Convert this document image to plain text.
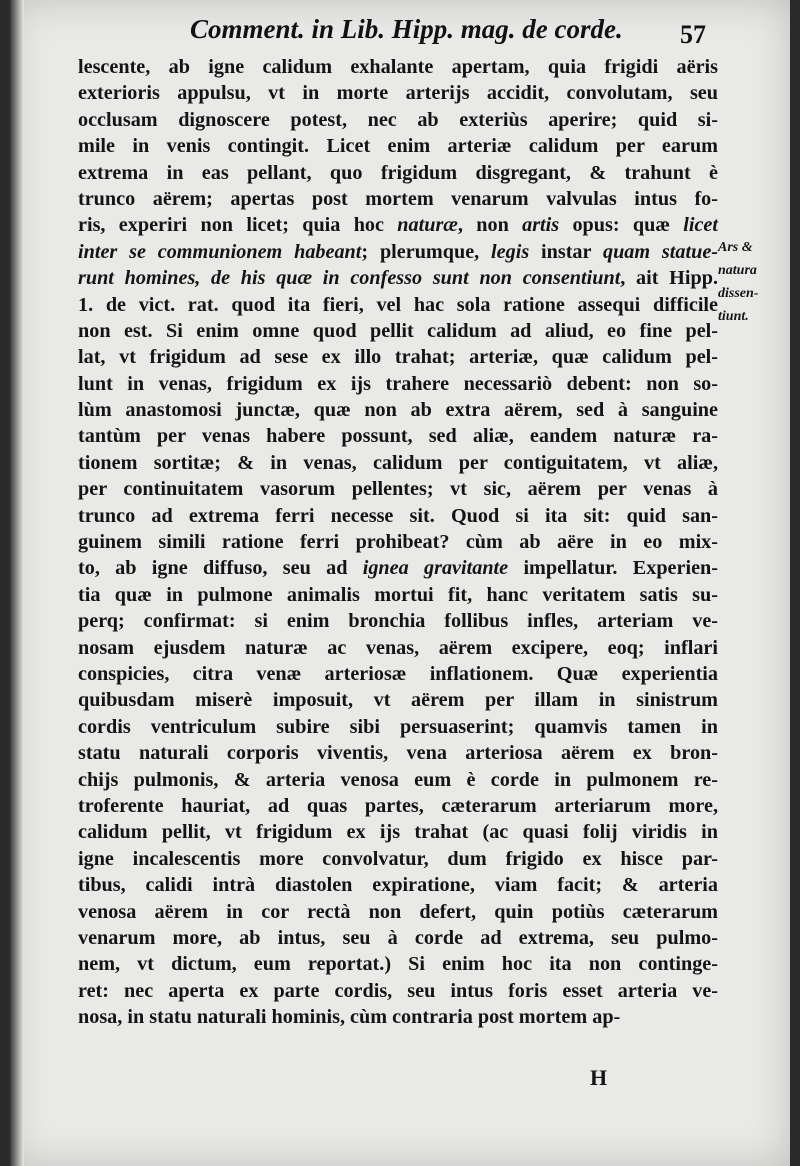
Comment. in Lib. Hipp. mag. de corde.	57
lescente, ab igne calidum exhalante apertam, quia frigidi aëris
exterioris appulsu, vt in morte arterijs accidit, convolutam, seu
occlusam dignoscere potest, nec ab exteriùs aperire; quid si-
mile in venis contingit. Licet enim arteriæ calidum per earum
extrema in eas pellant, quo frigidum disgregant, & trahunt è
trunco aërem; apertas post mortem venarum valvulas intus fo-
ris, experiri non licet; quia hoc naturæ, non artis opus: quæ licet
inter se communionem habeant; plerumque, legis instar quam statue-
runt homines, de his quæ in confesso sunt non consentiunt, ait Hipp.
1. de vict. rat. quod ita fieri, vel hac sola ratione assequi difficile
non est. Si enim omne quod pellit calidum ad aliud, eo fine pel-
lat, vt frigidum ad sese ex illo trahat; arteriæ, quæ calidum pel-
lunt in venas, frigidum ex ijs trahere necessariò debent: non so-
lùm anastomosi junctæ, quæ non ab extra aërem, sed à sanguine
tantùm per venas habere possunt, sed aliæ, eandem naturæ ra-
tionem sortitæ; & in venas, calidum per contiguitatem, vt aliæ,
per continuitatem vasorum pellentes; vt sic, aërem per venas à
trunco ad extrema ferri necesse sit. Quod si ita sit: quid san-
guinem simili ratione ferri prohibeat? cùm ab aëre in eo mix-
to, ab igne diffuso, seu ad ignea gravitante impellatur. Experien-
tia quæ in pulmone animalis mortui fit, hanc veritatem satis su-
perq; confirmat: si enim bronchia follibus infles, arteriam ve-
nosam ejusdem naturæ ac venas, aërem excipere, eoq; inflari
conspicies, citra venæ arteriosæ inflationem. Quæ experientia
quibusdam miserè imposuit, vt aërem per illam in sinistrum
cordis ventriculum subire sibi persuaserint; quamvis tamen in
statu naturali corporis viventis, vena arteriosa aërem ex bron-
chijs pulmonis, & arteria venosa eum è corde in pulmonem re-
troferente hauriat, ad quas partes, cæterarum arteriarum more,
calidum pellit, vt frigidum ex ijs trahat (ac quasi folij viridis in
igne incalescentis more convolvatur, dum frigido ex hisce par-
tibus, calidi intrà diastolen expiratione, viam facit; & arteria
venosa aërem in cor rectà non defert, quin potiùs cæterarum
venarum more, ab intus, seu à corde ad extrema, seu pulmo-
nem, vt dictum, eum reportat.) Si enim hoc ita non continge-
ret: nec aperta ex parte cordis, seu intus foris esset arteria ve-
nosa, in statu naturali hominis, cùm contraria post mortem ap-
Ars &
natura
dissen-
tiunt.
H
